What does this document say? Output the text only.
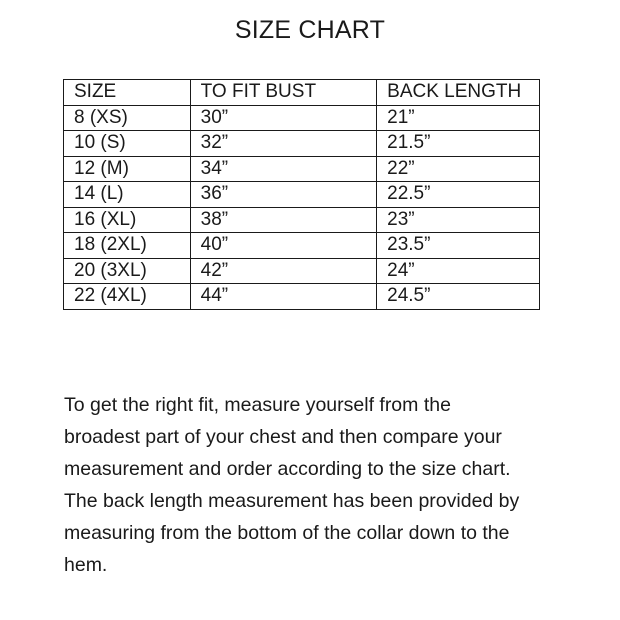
SIZE CHART
SIZE	TO FIT BUST	BACK LENGTH
8 (XS)	30”	21”
10 (S)	32”	21.5”
12 (M)	34”	22”
14 (L)	36”	22.5”
16 (XL)	38”	23”
18 (2XL)	40”	23.5”
20 (3XL)	42”	24”
22 (4XL)	44”	24.5”
To get the right fit, measure yourself from the
broadest part of your chest and then compare your
measurement and order according to the size chart.
The back length measurement has been provided by
measuring from the bottom of the collar down to the
hem.
